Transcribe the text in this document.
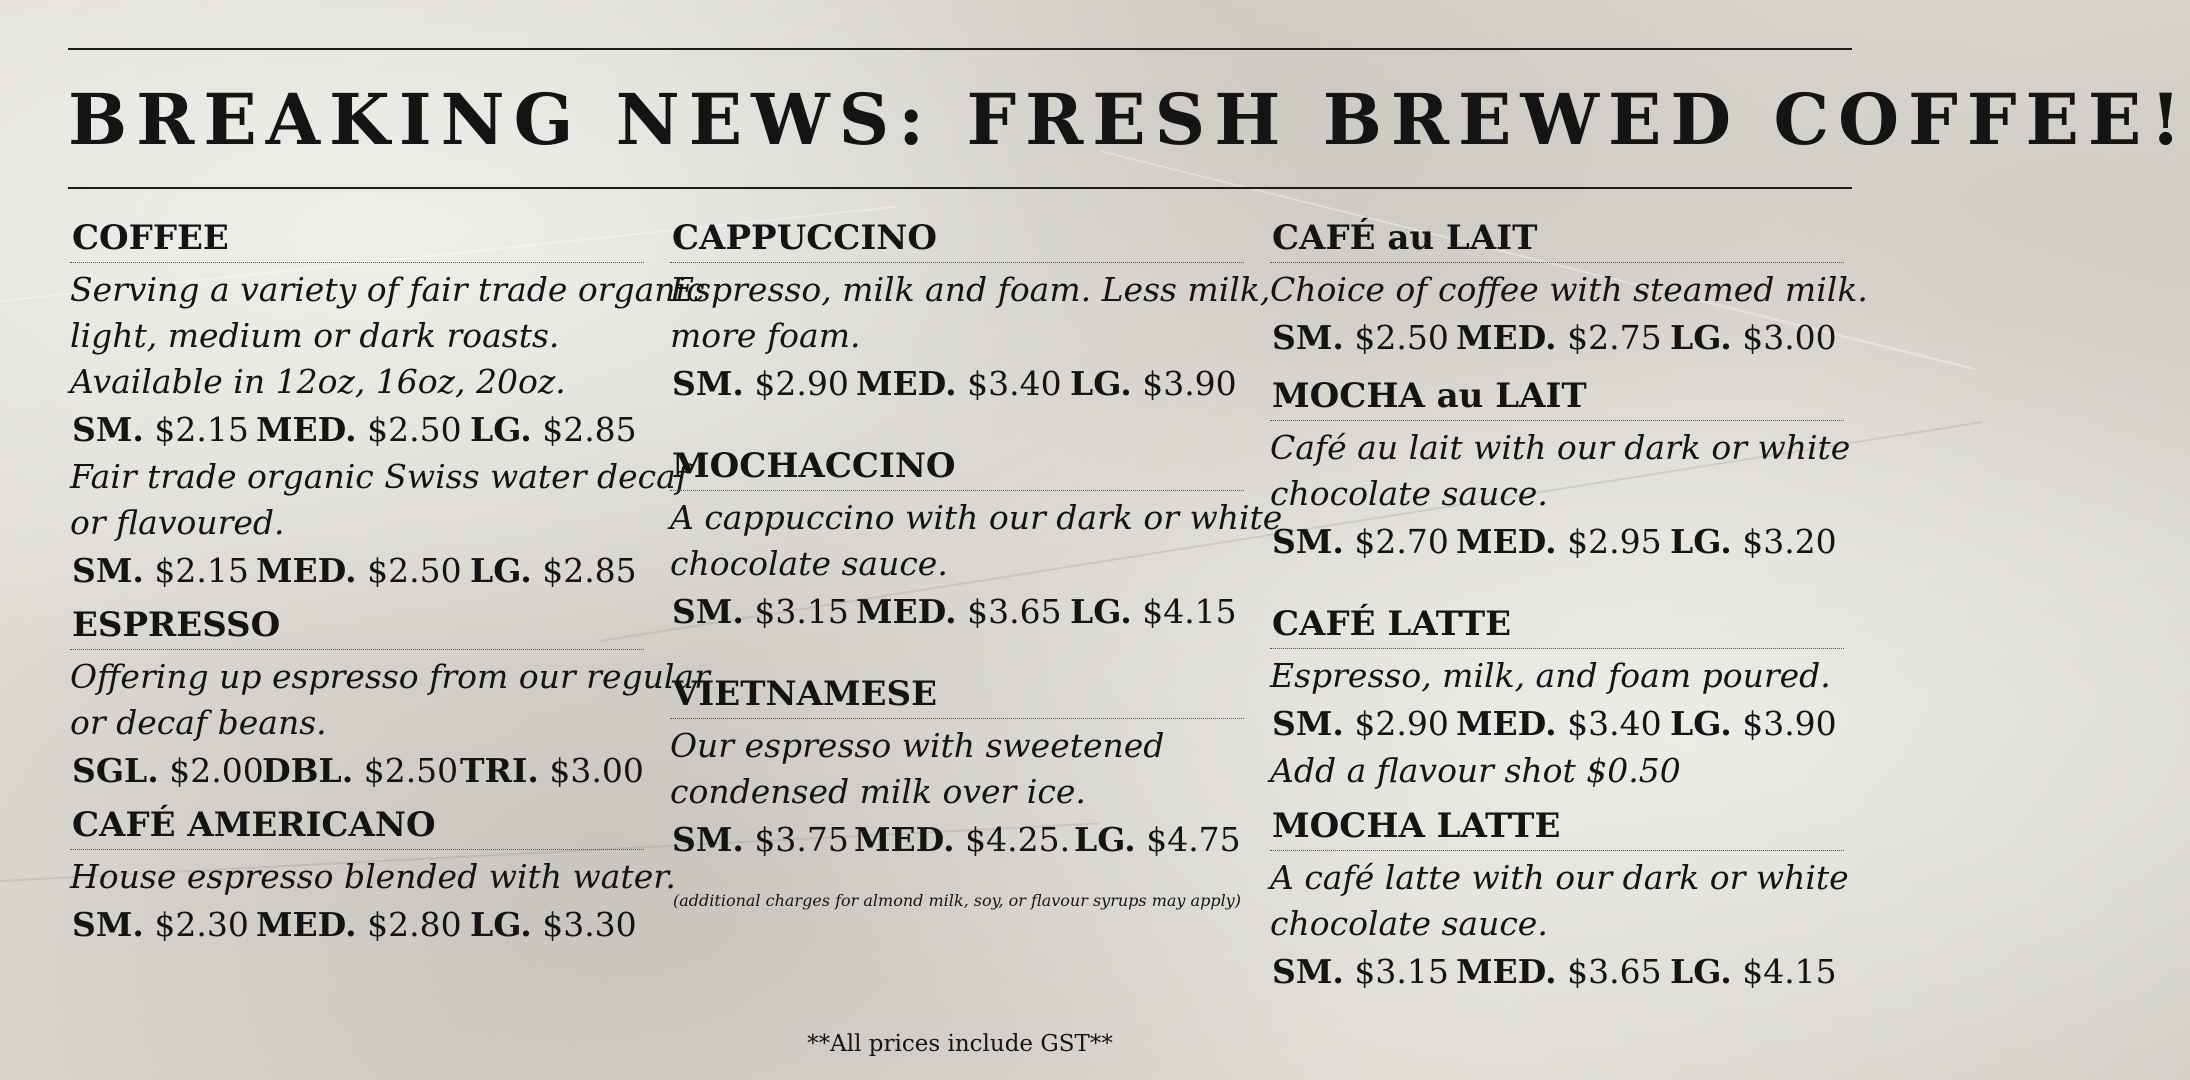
BREAKING NEWS: FRESH BREWED COFFEE!
COFFEE
Serving a variety of fair trade organic
light, medium or dark roasts.
Available in 12oz, 16oz, 20oz.
SM. $2.15 MED. $2.50 LG. $2.85
Fair trade organic Swiss water decaf
or flavoured.
SM. $2.15 MED. $2.50 LG. $2.85
ESPRESSO
Offering up espresso from our regular
or decaf beans.
SGL. $2.00DBL. $2.50TRI. $3.00
CAFÉ AMERICANO
House espresso blended with water.
SM. $2.30 MED. $2.80 LG. $3.30
CAPPUCCINO
Espresso, milk and foam. Less milk,
more foam.
SM. $2.90 MED. $3.40 LG. $3.90
MOCHACCINO
A cappuccino with our dark or white
chocolate sauce.
SM. $3.15 MED. $3.65 LG. $4.15
VIETNAMESE
Our espresso with sweetened
condensed milk over ice.
SM. $3.75 MED. $4.25. LG. $4.75
(additional charges for almond milk, soy, or flavour syrups may apply)
CAFÉ au LAIT
Choice of coffee with steamed milk.
SM. $2.50 MED. $2.75 LG. $3.00
MOCHA au LAIT
Café au lait with our dark or white
chocolate sauce.
SM. $2.70 MED. $2.95 LG. $3.20
CAFÉ LATTE
Espresso, milk, and foam poured.
SM. $2.90 MED. $3.40 LG. $3.90
Add a flavour shot $0.50
MOCHA LATTE
A café latte with our dark or white
chocolate sauce.
SM. $3.15 MED. $3.65 LG. $4.15
**All prices include GST**
